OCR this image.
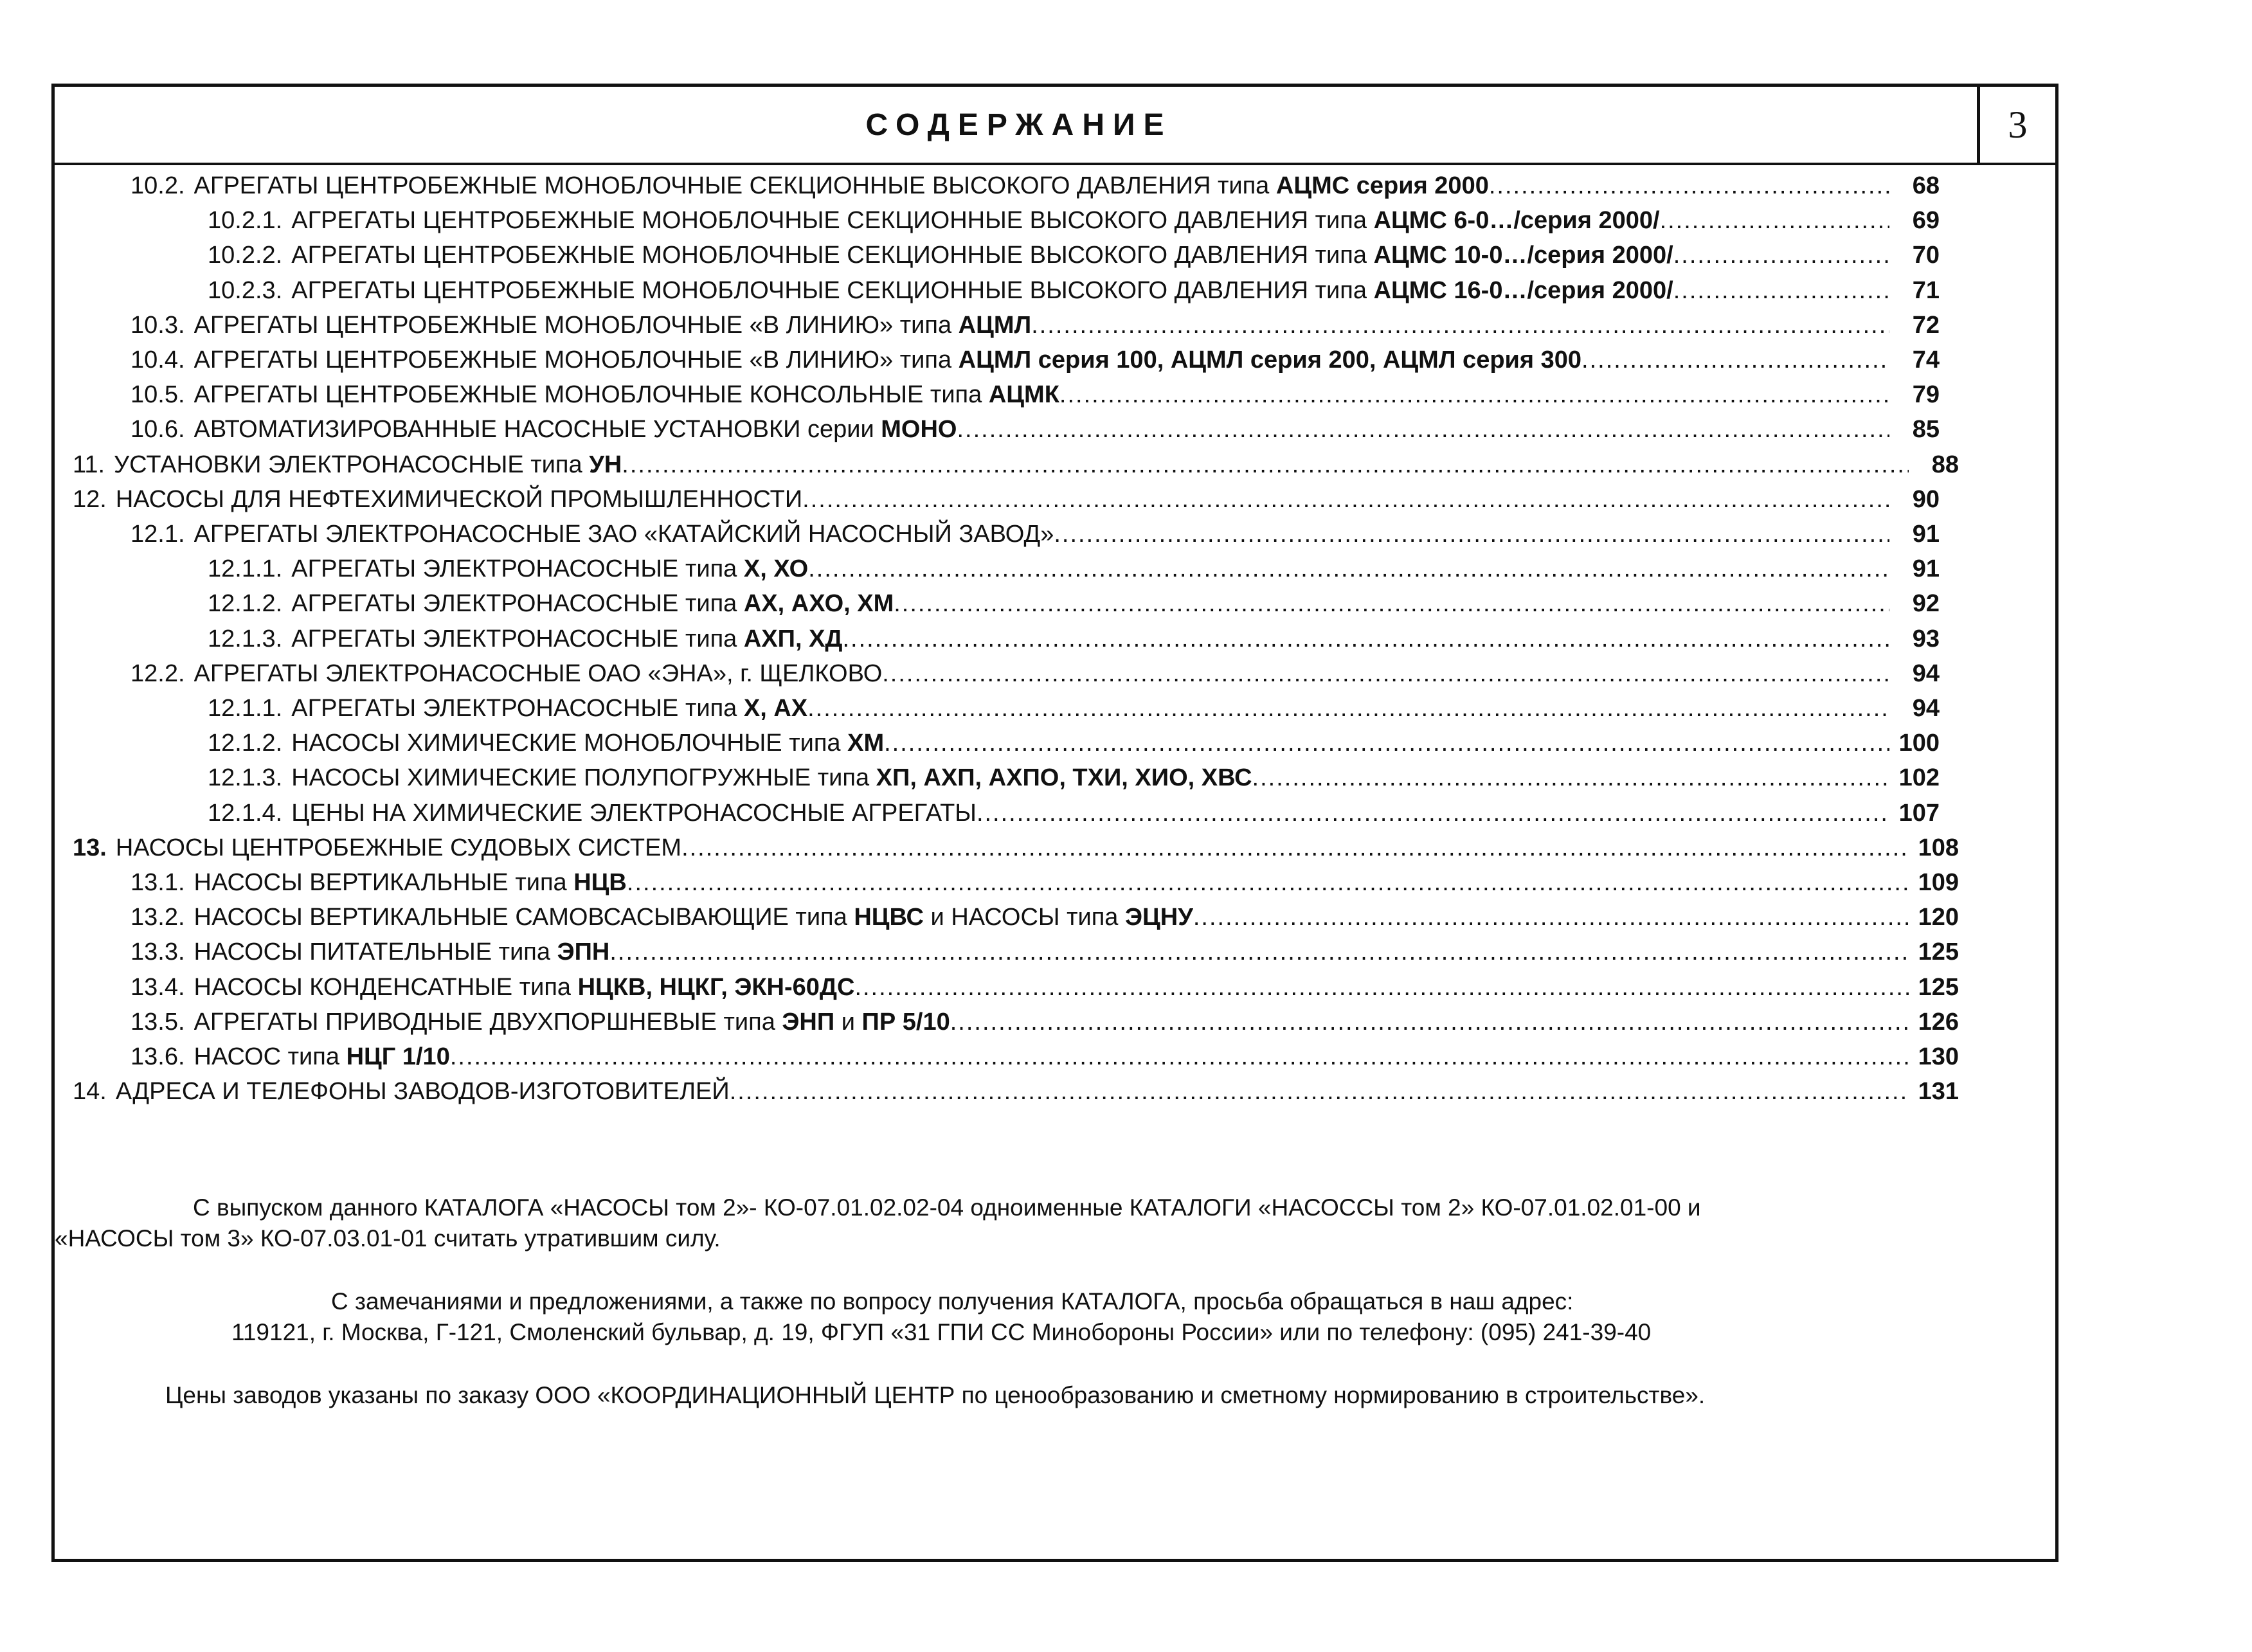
СОДЕРЖАНИЕ	3
10.2. АГРЕГАТЫ ЦЕНТРОБЕЖНЫЕ МОНОБЛОЧНЫЕ СЕКЦИОННЫЕ ВЫСОКОГО ДАВЛЕНИЯ типа АЦМС серия 2000 .....	68
10.2.1. АГРЕГАТЫ ЦЕНТРОБЕЖНЫЕ МОНОБЛОЧНЫЕ СЕКЦИОННЫЕ ВЫСОКОГО ДАВЛЕНИЯ типа АЦМС 6-0…/серия 2000/ .....	69
10.2.2. АГРЕГАТЫ ЦЕНТРОБЕЖНЫЕ МОНОБЛОЧНЫЕ СЕКЦИОННЫЕ ВЫСОКОГО ДАВЛЕНИЯ типа АЦМС 10-0…/серия 2000/ .....	70
10.2.3. АГРЕГАТЫ ЦЕНТРОБЕЖНЫЕ МОНОБЛОЧНЫЕ СЕКЦИОННЫЕ ВЫСОКОГО ДАВЛЕНИЯ типа АЦМС 16-0…/серия 2000/ .....	71
10.3. АГРЕГАТЫ ЦЕНТРОБЕЖНЫЕ МОНОБЛОЧНЫЕ «В ЛИНИЮ» типа АЦМЛ .....	72
10.4. АГРЕГАТЫ ЦЕНТРОБЕЖНЫЕ МОНОБЛОЧНЫЕ «В ЛИНИЮ» типа АЦМЛ серия 100, АЦМЛ серия 200, АЦМЛ серия 300 .....	74
10.5. АГРЕГАТЫ ЦЕНТРОБЕЖНЫЕ МОНОБЛОЧНЫЕ КОНСОЛЬНЫЕ типа АЦМК .....	79
10.6. АВТОМАТИЗИРОВАННЫЕ НАСОСНЫЕ УСТАНОВКИ серии МОНО .....	85
11. УСТАНОВКИ ЭЛЕКТРОНАСОСНЫЕ типа УН .....	88
12. НАСОСЫ ДЛЯ НЕФТЕХИМИЧЕСКОЙ ПРОМЫШЛЕННОСТИ .....	90
12.1. АГРЕГАТЫ ЭЛЕКТРОНАСОСНЫЕ ЗАО «КАТАЙСКИЙ НАСОСНЫЙ ЗАВОД» .....	91
12.1.1. АГРЕГАТЫ ЭЛЕКТРОНАСОСНЫЕ типа Х, ХО .....	91
12.1.2. АГРЕГАТЫ ЭЛЕКТРОНАСОСНЫЕ типа АХ, АХО, ХМ .....	92
12.1.3. АГРЕГАТЫ ЭЛЕКТРОНАСОСНЫЕ типа АХП, ХД .....	93
12.2. АГРЕГАТЫ ЭЛЕКТРОНАСОСНЫЕ ОАО «ЭНА», г. ЩЕЛКОВО .....	94
12.1.1. АГРЕГАТЫ ЭЛЕКТРОНАСОСНЫЕ типа Х, АХ .....	94
12.1.2. НАСОСЫ ХИМИЧЕСКИЕ МОНОБЛОЧНЫЕ типа ХМ .....	100
12.1.3. НАСОСЫ ХИМИЧЕСКИЕ ПОЛУПОГРУЖНЫЕ типа ХП, АХП, АХПО, ТХИ, ХИО, ХВС .....	102
12.1.4. ЦЕНЫ НА ХИМИЧЕСКИЕ ЭЛЕКТРОНАСОСНЫЕ АГРЕГАТЫ .....	107
13. НАСОСЫ ЦЕНТРОБЕЖНЫЕ СУДОВЫХ СИСТЕМ .....	108
13.1. НАСОСЫ ВЕРТИКАЛЬНЫЕ типа НЦВ .....	109
13.2. НАСОСЫ ВЕРТИКАЛЬНЫЕ САМОВСАСЫВАЮЩИЕ типа НЦВС и НАСОСЫ типа ЭЦНУ .....	120
13.3. НАСОСЫ ПИТАТЕЛЬНЫЕ типа ЭПН .....	125
13.4. НАСОСЫ КОНДЕНСАТНЫЕ типа НЦКВ, НЦКГ, ЭКН-60ДС .....	125
13.5. АГРЕГАТЫ ПРИВОДНЫЕ ДВУХПОРШНЕВЫЕ типа ЭНП и ПР 5/10 .....	126
13.6. НАСОС типа НЦГ 1/10 .....	130
14. АДРЕСА И ТЕЛЕФОНЫ ЗАВОДОВ-ИЗГОТОВИТЕЛЕЙ .....	131
С выпуском данного КАТАЛОГА «НАСОСЫ том 2»- КО-07.01.02.02-04 одноименные КАТАЛОГИ «НАСОССЫ том 2» КО-07.01.02.01-00 и
«НАСОСЫ том 3» КО-07.03.01-01 считать утратившим силу.
С замечаниями и предложениями, а также по вопросу получения КАТАЛОГА, просьба обращаться в наш адрес:
119121, г. Москва, Г-121, Смоленский бульвар, д. 19, ФГУП «31 ГПИ СС Минобороны России» или по телефону: (095) 241-39-40
Цены заводов указаны по заказу ООО «КООРДИНАЦИОННЫЙ ЦЕНТР по ценообразованию и сметному нормированию в строительстве».
